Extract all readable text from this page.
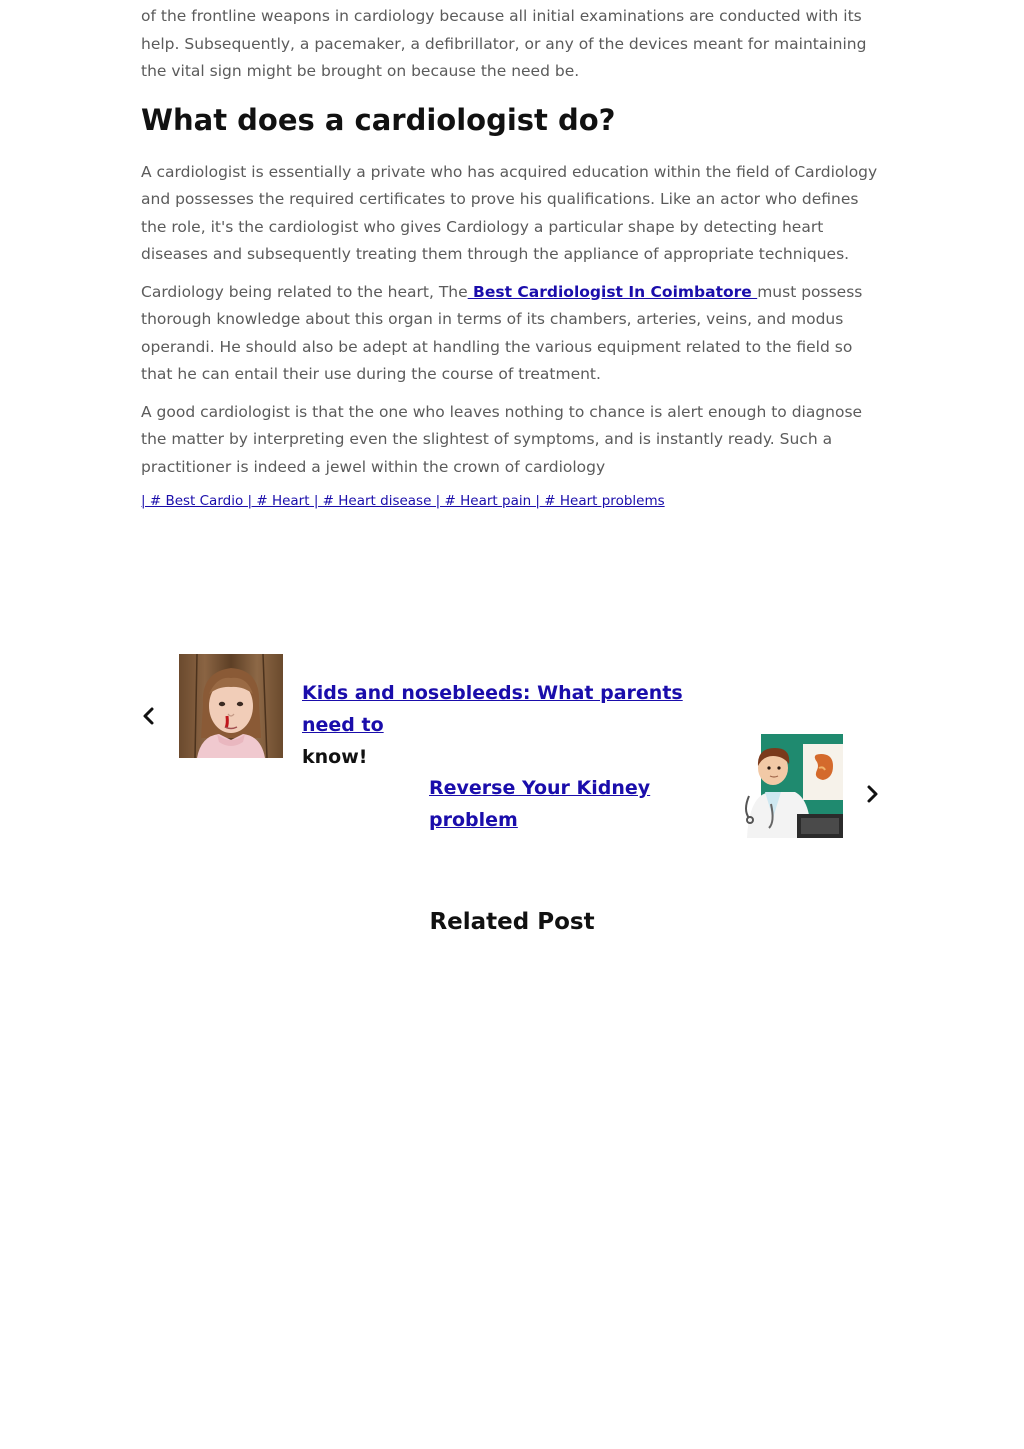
of the frontline weapons in cardiology because all initial examinations are conducted with its help. Subsequently, a pacemaker, a defibrillator, or any of the devices meant for maintaining the vital sign might be brought on because the need be.

What does a cardiologist do?

A cardiologist is essentially a private who has acquired education within the field of Cardiology and possesses the required certificates to prove his qualifications. Like an actor who defines the role, it's the cardiologist who gives Cardiology a particular shape by detecting heart diseases and subsequently treating them through the appliance of appropriate techniques.

Cardiology being related to the heart, The Best Cardiologist In Coimbatore must possess thorough knowledge about this organ in terms of its chambers, arteries, veins, and modus operandi. He should also be adept at handling the various equipment related to the field so that he can entail their use during the course of treatment.

A good cardiologist is that the one who leaves nothing to chance is alert enough to diagnose the matter by interpreting even the slightest of symptoms, and is instantly ready. Such a practitioner is indeed a jewel within the crown of cardiology

| # Best Cardio | # Heart | # Heart disease | # Heart pain | # Heart problems
Kids and nosebleeds: What parents need to
know!
Reverse Your Kidney problem
Related Post
